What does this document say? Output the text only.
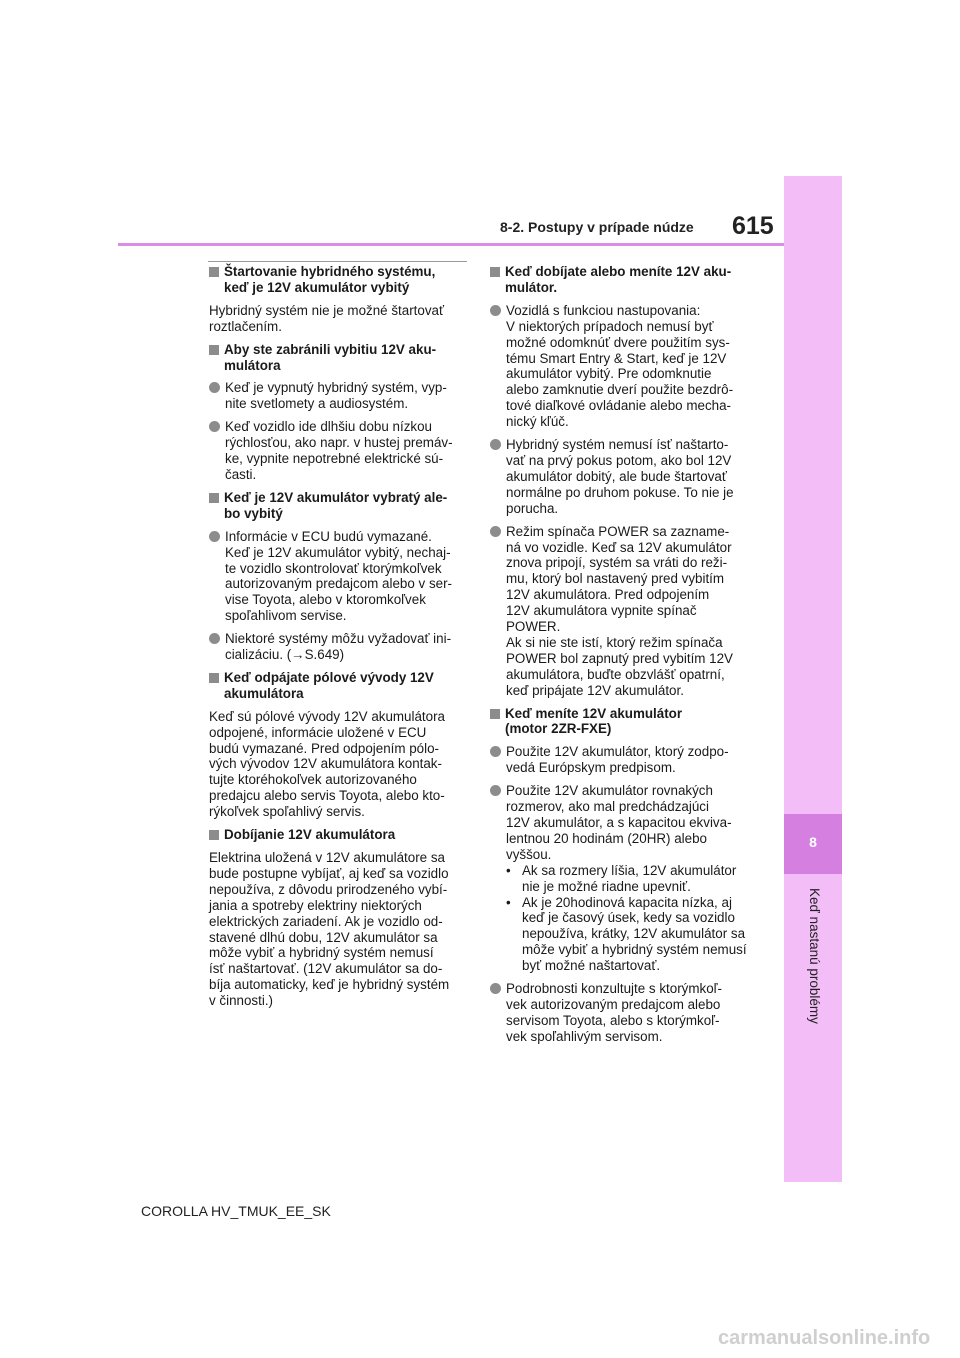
8
Keď nastanú problémy
8-2. Postupy v prípade núdze 615
Štartovanie hybridného systému,
keď je 12V akumulátor vybitý
Hybridný systém nie je možné štartovať
roztlačením.
Aby ste zabránili vybitiu 12V aku-
mulátora
Keď je vypnutý hybridný systém, vyp-
nite svetlomety a audiosystém.
Keď vozidlo ide dlhšiu dobu nízkou
rýchlosťou, ako napr. v hustej premáv-
ke, vypnite nepotrebné elektrické sú-
časti.
Keď je 12V akumulátor vybratý ale-
bo vybitý
Informácie v ECU budú vymazané.
Keď je 12V akumulátor vybitý, nechaj-
te vozidlo skontrolovať ktorýmkoľvek
autorizovaným predajcom alebo v ser-
vise Toyota, alebo v ktoromkoľvek
spoľahlivom servise.
Niektoré systémy môžu vyžadovať ini-
cializáciu. (→S.649)
Keď odpájate pólové vývody 12V
akumulátora
Keď sú pólové vývody 12V akumulátora
odpojené, informácie uložené v ECU
budú vymazané. Pred odpojením pólo-
vých vývodov 12V akumulátora kontak-
tujte ktoréhokoľvek autorizovaného
predajcu alebo servis Toyota, alebo kto-
rýkoľvek spoľahlivý servis.
Dobíjanie 12V akumulátora
Elektrina uložená v 12V akumulátore sa
bude postupne vybíjať, aj keď sa vozidlo
nepoužíva, z dôvodu prirodzeného vybí-
jania a spotreby elektriny niektorých
elektrických zariadení. Ak je vozidlo od-
stavené dlhú dobu, 12V akumulátor sa
môže vybiť a hybridný systém nemusí
ísť naštartovať. (12V akumulátor sa do-
bíja automaticky, keď je hybridný systém
v činnosti.)
Keď dobíjate alebo meníte 12V aku-
mulátor.
Vozidlá s funkciou nastupovania:
V niektorých prípadoch nemusí byť
možné odomknúť dvere použitím sys-
tému Smart Entry & Start, keď je 12V
akumulátor vybitý. Pre odomknutie
alebo zamknutie dverí použite bezdrô-
tové diaľkové ovládanie alebo mecha-
nický kľúč.
Hybridný systém nemusí ísť naštarto-
vať na prvý pokus potom, ako bol 12V
akumulátor dobitý, ale bude štartovať
normálne po druhom pokuse. To nie je
porucha.
Režim spínača POWER sa zazname-
ná vo vozidle. Keď sa 12V akumulátor
znova pripojí, systém sa vráti do reži-
mu, ktorý bol nastavený pred vybitím
12V akumulátora. Pred odpojením
12V akumulátora vypnite spínač
POWER.
Ak si nie ste istí, ktorý režim spínača
POWER bol zapnutý pred vybitím 12V
akumulátora, buďte obzvlášť opatrní,
keď pripájate 12V akumulátor.
Keď meníte 12V akumulátor
(motor 2ZR-FXE)
Použite 12V akumulátor, ktorý zodpo-
vedá Európskym predpisom.
Použite 12V akumulátor rovnakých
rozmerov, ako mal predchádzajúci
12V akumulátor, a s kapacitou ekviva-
lentnou 20 hodinám (20HR) alebo
vyššou.
• Ak sa rozmery líšia, 12V akumulátor
nie je možné riadne upevniť.
• Ak je 20hodinová kapacita nízka, aj
keď je časový úsek, kedy sa vozidlo
nepoužíva, krátky, 12V akumulátor sa
môže vybiť a hybridný systém nemusí
byť možné naštartovať.
Podrobnosti konzultujte s ktorýmkoľ-
vek autorizovaným predajcom alebo
servisom Toyota, alebo s ktorýmkoľ-
vek spoľahlivým servisom.
COROLLA HV_TMUK_EE_SK
carmanualsonline.info
